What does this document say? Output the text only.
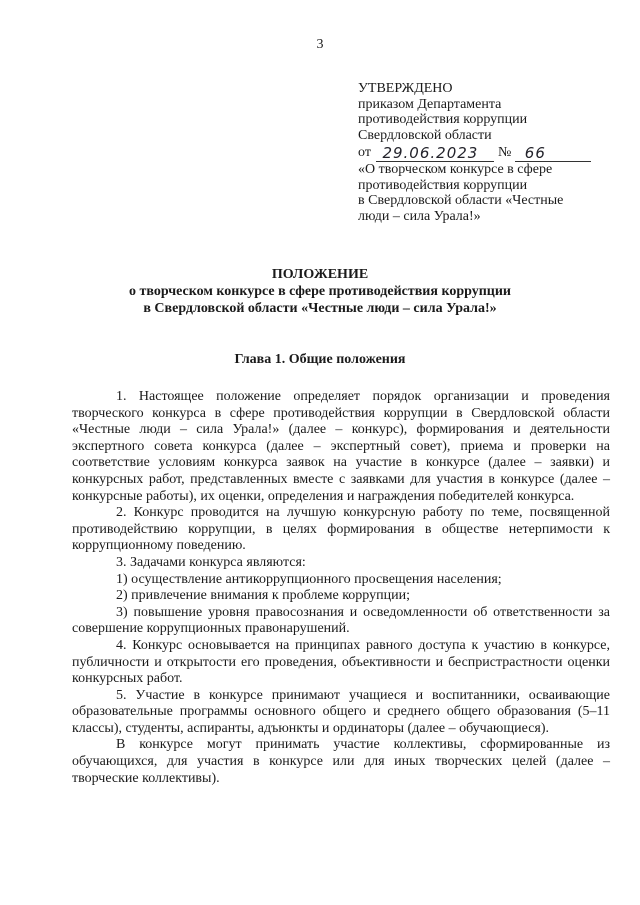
3
УТВЕРЖДЕНО
приказом Департамента
противодействия коррупции
Свердловской области
от 29.06.2023 № 66
«О творческом конкурсе в сфере
противодействия коррупции
в Свердловской области «Честные
люди – сила Урала!»
ПОЛОЖЕНИЕ
о творческом конкурсе в сфере противодействия коррупции
в Свердловской области «Честные люди – сила Урала!»
Глава 1. Общие положения

1. Настоящее положение определяет порядок организации и проведения творческого конкурса в сфере противодействия коррупции в Свердловской области «Честные люди – сила Урала!» (далее – конкурс), формирования и деятельности экспертного совета конкурса (далее – экспертный совет), приема и проверки на соответствие условиям конкурса заявок на участие в конкурсе (далее – заявки) и конкурсных работ, представленных вместе с заявками для участия в конкурсе (далее – конкурсные работы), их оценки, определения и награждения победителей конкурса.

2. Конкурс проводится на лучшую конкурсную работу по теме, посвященной противодействию коррупции, в целях формирования в обществе нетерпимости к коррупционному поведению.

3. Задачами конкурса являются:

1) осуществление антикоррупционного просвещения населения;

2) привлечение внимания к проблеме коррупции;

3) повышение уровня правосознания и осведомленности об ответственности за совершение коррупционных правонарушений.

4. Конкурс основывается на принципах равного доступа к участию в конкурсе, публичности и открытости его проведения, объективности и беспристрастности оценки конкурсных работ.

5. Участие в конкурсе принимают учащиеся и воспитанники, осваивающие образовательные программы основного общего и среднего общего образования (5–11 классы), студенты, аспиранты, адъюнкты и ординаторы (далее – обучающиеся).

В конкурсе могут принимать участие коллективы, сформированные из обучающихся, для участия в конкурсе или для иных творческих целей (далее – творческие коллективы).
